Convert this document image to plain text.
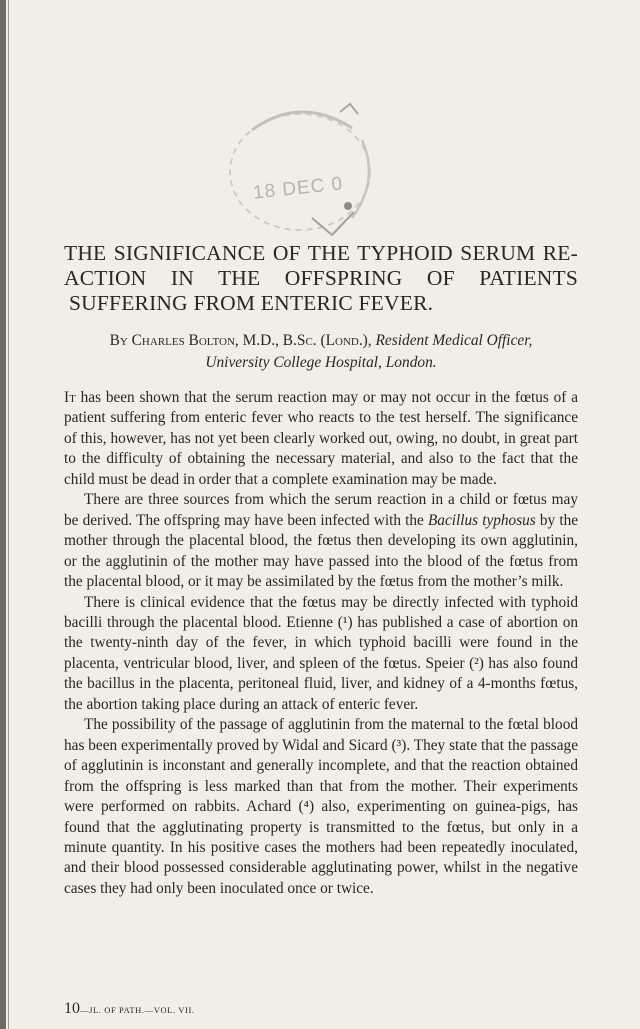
18 DEC 0
THE SIGNIFICANCE OF THE TYPHOID SERUM RE-
ACTION IN THE OFFSPRING OF PATIENTS
SUFFERING FROM ENTERIC FEVER.
By Charles Bolton, M.D., B.Sc. (Lond.), Resident Medical Officer,
University College Hospital, London.

It has been shown that the serum reaction may or may not occur in the fœtus of a patient suffering from enteric fever who reacts to the test herself. The significance of this, however, has not yet been clearly worked out, owing, no doubt, in great part to the difficulty of obtaining the necessary material, and also to the fact that the child must be dead in order that a complete examination may be made.

There are three sources from which the serum reaction in a child or fœtus may be derived. The offspring may have been infected with the Bacillus typhosus by the mother through the placental blood, the fœtus then developing its own agglutinin, or the agglutinin of the mother may have passed into the blood of the fœtus from the placental blood, or it may be assimilated by the fœtus from the mother’s milk.

There is clinical evidence that the fœtus may be directly infected with typhoid bacilli through the placental blood. Etienne (¹) has published a case of abortion on the twenty-ninth day of the fever, in which typhoid bacilli were found in the placenta, ventricular blood, liver, and spleen of the fœtus. Speier (²) has also found the bacillus in the placenta, peritoneal fluid, liver, and kidney of a 4-months fœtus, the abortion taking place during an attack of enteric fever.

The possibility of the passage of agglutinin from the maternal to the fœtal blood has been experimentally proved by Widal and Sicard (³). They state that the passage of agglutinin is inconstant and generally incomplete, and that the reaction obtained from the offspring is less marked than that from the mother. Their experiments were performed on rabbits. Achard (⁴) also, experimenting on guinea-pigs, has found that the agglutinating property is transmitted to the fœtus, but only in a minute quantity. In his positive cases the mothers had been repeatedly inoculated, and their blood possessed considerable agglutinating power, whilst in the negative cases they had only been inoculated once or twice.

10—JL. OF PATH.—VOL. VII.
